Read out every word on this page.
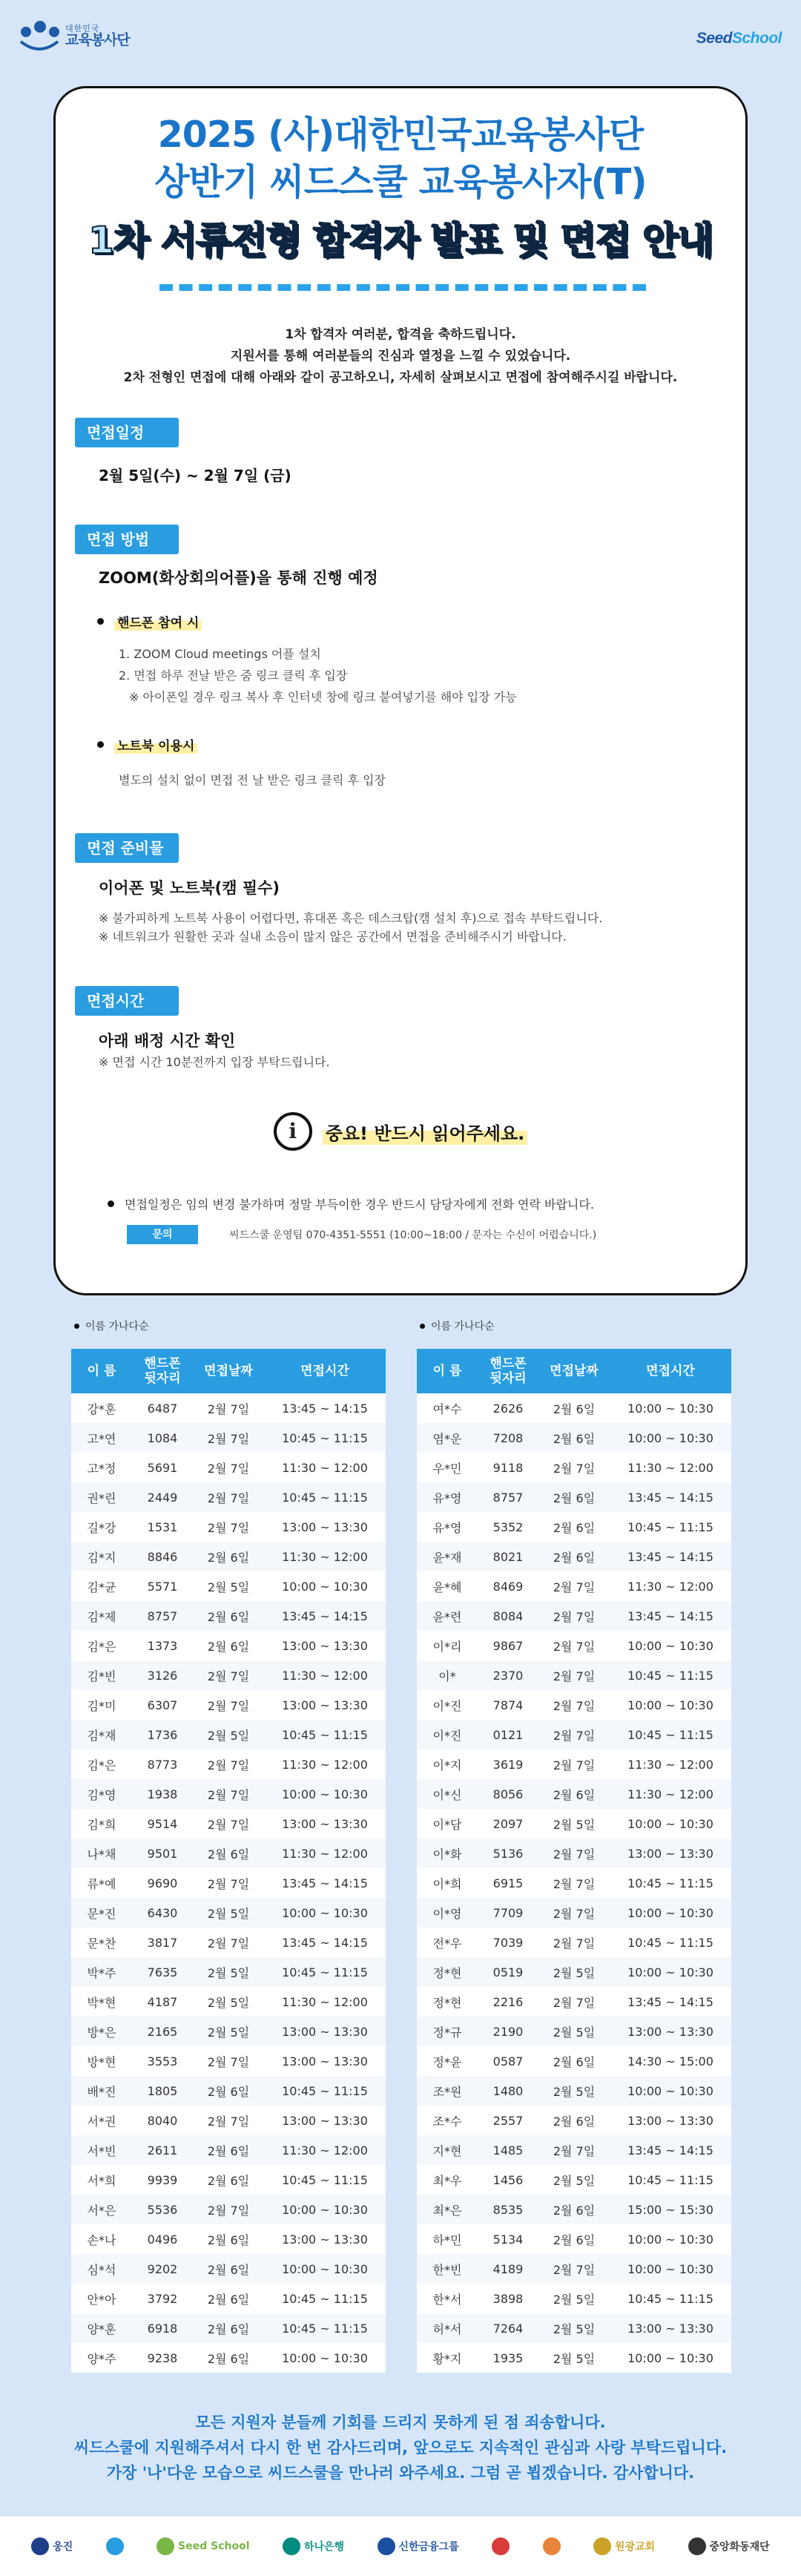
대한민국
교육봉사단	SeedSchool
2025 (사)대한민국교육봉사단
상반기 씨드스쿨 교육봉사자(T)
1차 서류전형 합격자 발표 및 면접 안내
1차 합격자 여러분, 합격을 축하드립니다.
지원서를 통해 여러분들의 진심과 열정을 느낄 수 있었습니다.
2차 전형인 면접에 대해 아래와 같이 공고하오니, 자세히 살펴보시고 면접에 참여해주시길 바랍니다.
면접일정
2월 5일(수) ~ 2월 7일 (금)
면접 방법
ZOOM(화상회의어플)을 통해 진행 예정
핸드폰 참여 시
1. ZOOM Cloud meetings 어플 설치
2. 면접 하루 전날 받은 줌 링크 클릭 후 입장
※ 아이폰일 경우 링크 복사 후 인터넷 창에 링크 붙여넣기를 해야 입장 가능
노트북 이용시
별도의 설치 없이 면접 전 날 받은 링크 클릭 후 입장
면접 준비물
이어폰 및 노트북(캠 필수)
※ 불가피하게 노트북 사용이 어렵다면, 휴대폰 혹은 데스크탑(캠 설치 후)으로 접속 부탁드립니다.
※ 네트워크가 원활한 곳과 실내 소음이 많지 않은 공간에서 면접을 준비해주시기 바랍니다.
면접시간
아래 배정 시간 확인
※ 면접 시간 10분전까지 입장 부탁드립니다.
i	중요! 반드시 읽어주세요.
면접일정은 임의 변경 불가하며 정말 부득이한 경우 반드시 담당자에게 전화 연락 바랍니다.
문의	씨드스쿨 운영팀 070-4351-5551 (10:00~18:00 / 문자는 수신이 어렵습니다.)
이름 가나다순
이 름	핸드폰
뒷자리	면접날짜	면접시간
강*훈	6487	2월 7일	13:45 ~ 14:15
고*연	1084	2월 7일	10:45 ~ 11:15
고*정	5691	2월 7일	11:30 ~ 12:00
권*린	2449	2월 7일	10:45 ~ 11:15
길*강	1531	2월 7일	13:00 ~ 13:30
김*지	8846	2월 6일	11:30 ~ 12:00
김*균	5571	2월 5일	10:00 ~ 10:30
김*제	8757	2월 6일	13:45 ~ 14:15
김*은	1373	2월 6일	13:00 ~ 13:30
김*빈	3126	2월 7일	11:30 ~ 12:00
김*미	6307	2월 7일	13:00 ~ 13:30
김*재	1736	2월 5일	10:45 ~ 11:15
김*은	8773	2월 7일	11:30 ~ 12:00
김*영	1938	2월 7일	10:00 ~ 10:30
김*희	9514	2월 7일	13:00 ~ 13:30
나*채	9501	2월 6일	11:30 ~ 12:00
류*예	9690	2월 7일	13:45 ~ 14:15
문*진	6430	2월 5일	10:00 ~ 10:30
문*찬	3817	2월 7일	13:45 ~ 14:15
박*주	7635	2월 5일	10:45 ~ 11:15
박*현	4187	2월 5일	11:30 ~ 12:00
방*은	2165	2월 5일	13:00 ~ 13:30
방*현	3553	2월 7일	13:00 ~ 13:30
배*진	1805	2월 6일	10:45 ~ 11:15
서*권	8040	2월 7일	13:00 ~ 13:30
서*빈	2611	2월 6일	11:30 ~ 12:00
서*희	9939	2월 6일	10:45 ~ 11:15
서*은	5536	2월 7일	10:00 ~ 10:30
손*나	0496	2월 6일	13:00 ~ 13:30
심*석	9202	2월 6일	10:00 ~ 10:30
안*아	3792	2월 6일	10:45 ~ 11:15
양*훈	6918	2월 6일	10:45 ~ 11:15
양*주	9238	2월 6일	10:00 ~ 10:30
이름 가나다순
이 름	핸드폰
뒷자리	면접날짜	면접시간
여*수	2626	2월 6일	10:00 ~ 10:30
염*운	7208	2월 6일	10:00 ~ 10:30
우*민	9118	2월 7일	11:30 ~ 12:00
유*영	8757	2월 6일	13:45 ~ 14:15
유*영	5352	2월 6일	10:45 ~ 11:15
윤*재	8021	2월 6일	13:45 ~ 14:15
윤*혜	8469	2월 7일	11:30 ~ 12:00
윤*련	8084	2월 7일	13:45 ~ 14:15
이*리	9867	2월 7일	10:00 ~ 10:30
이*	2370	2월 7일	10:45 ~ 11:15
이*진	7874	2월 7일	10:00 ~ 10:30
이*진	0121	2월 7일	10:45 ~ 11:15
이*지	3619	2월 7일	11:30 ~ 12:00
이*신	8056	2월 6일	11:30 ~ 12:00
이*담	2097	2월 5일	10:00 ~ 10:30
이*화	5136	2월 7일	13:00 ~ 13:30
이*희	6915	2월 7일	10:45 ~ 11:15
이*영	7709	2월 7일	10:00 ~ 10:30
전*우	7039	2월 7일	10:45 ~ 11:15
정*현	0519	2월 5일	10:00 ~ 10:30
정*현	2216	2월 7일	13:45 ~ 14:15
정*규	2190	2월 5일	13:00 ~ 13:30
정*윤	0587	2월 6일	14:30 ~ 15:00
조*원	1480	2월 5일	10:00 ~ 10:30
조*수	2557	2월 6일	13:00 ~ 13:30
지*현	1485	2월 7일	13:45 ~ 14:15
최*우	1456	2월 5일	10:45 ~ 11:15
최*은	8535	2월 6일	15:00 ~ 15:30
하*민	5134	2월 6일	10:00 ~ 10:30
한*빈	4189	2월 7일	10:00 ~ 10:30
한*서	3898	2월 5일	10:45 ~ 11:15
허*서	7264	2월 5일	13:00 ~ 13:30
황*지	1935	2월 5일	10:00 ~ 10:30
모든 지원자 분들께 기회를 드리지 못하게 된 점 죄송합니다.
씨드스쿨에 지원해주셔서 다시 한 번 감사드리며, 앞으로도 지속적인 관심과 사랑 부탁드립니다.
가장 '나'다운 모습으로 씨드스쿨을 만나러 와주세요. 그럼 곧 뵙겠습니다. 감사합니다.
웅진	Seed School	하나은행	신한금융그룹	원광교회	중앙화동재단
